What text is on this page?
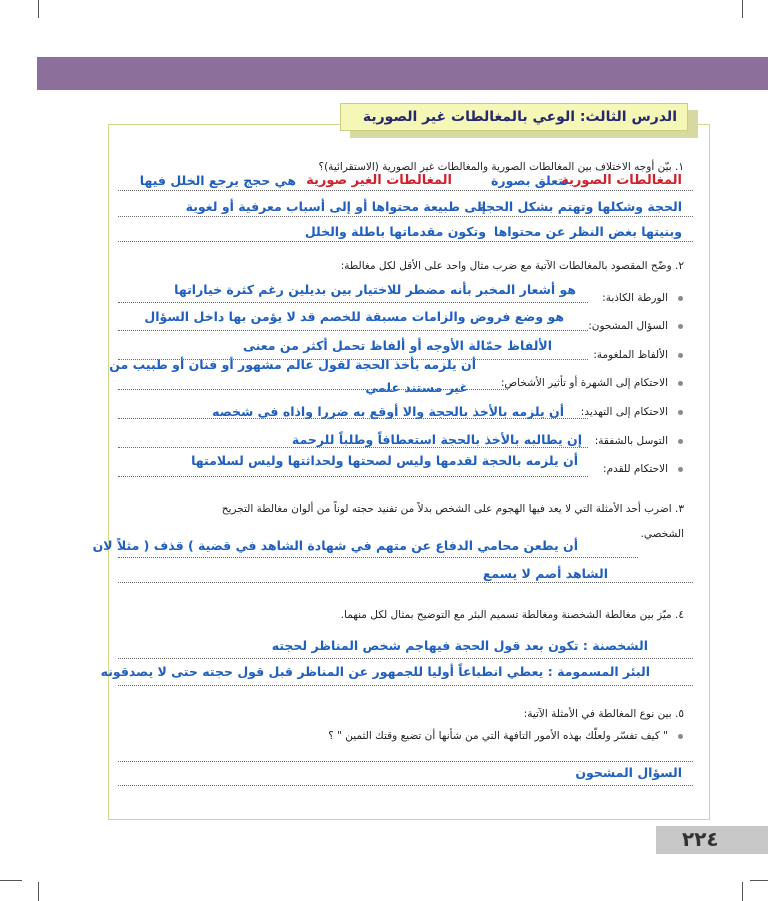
الدرس الثالث: الوعي بالمغالطات غير الصورية
١. بيّن أوجه الاختلاف بين المغالطات الصورية والمغالطات غير الصورية (الاستقرائية)؟
المغالطات الصورية
تتعلق بصورة
المغالطات الغير صورية
هي حجج يرجع الخلل فيها
الحجة وشكلها وتهتم بشكل الحجة
إلى طبيعة محتواها أو إلى أسباب معرفية أو لغوية
وبنيتها بغض النظر عن محتواها
وتكون مقدماتها باطلة والخلل
٢. وضّح المقصود بالمغالطات الآتية مع ضرب مثال واحد على الأقل لكل مغالطة:
الورطة الكاذبة:
هو أشعار المخبر بأنه مضطر للاختيار بين بديلين رغم كثرة خياراتها
السؤال المشحون:
هو وضع فروض والزامات مسبقة للخصم قد لا يؤمن بها داخل السؤال
الألفاظ الملغومة:
الألفاظ حمّالة الأوجه أو ألفاظ تحمل أكثر من معنى
الاحتكام إلى الشهرة أو تأثير الأشخاص:
أن يلزمه بأخذ الحجة لقول عالم مشهور أو فنان أو طبيب من
غير مستند علمي
الاحتكام إلى التهديد:
أن يلزمه بالأخذ بالحجة والا أوقع به ضررا واذاه في شخصه
التوسل بالشفقة:
إن يطالبه بالأخذ بالحجة استعطافاً وطلباً للرحمة
الاحتكام للقدم:
أن يلزمه بالحجة لقدمها وليس لصحتها ولحداثتها وليس لسلامتها
٣. اضرب أحد الأمثلة التي لا يعد فيها الهجوم على الشخص بدلاً من تفنيد حجته لوناً من ألوان مغالطة التجريح
الشخصي.
أن يطعن محامي الدفاع عن متهم في شهادة الشاهد في قضية ) قذف ( مثلاً لان
الشاهد أصم لا يسمع
٤. ميّز بين مغالطة الشخصنة ومغالطة تسميم البئر مع التوضيح بمثال لكل منهما.
الشخصنة : تكون بعد قول الحجة فيهاجم شخص المناظر لحجته
البئر المسمومة : يعطي انطباعاً أوليا للجمهور عن المناظر قبل قول حجته حتى لا يصدقونه
٥. بين نوع المغالطة في الأمثلة الآتية:
" كيف تفسّر ولعلّك بهذه الأمور التافهة التي من شأنها أن تضيع وقتك الثمين " ؟
السؤال المشحون
٢٢٤
